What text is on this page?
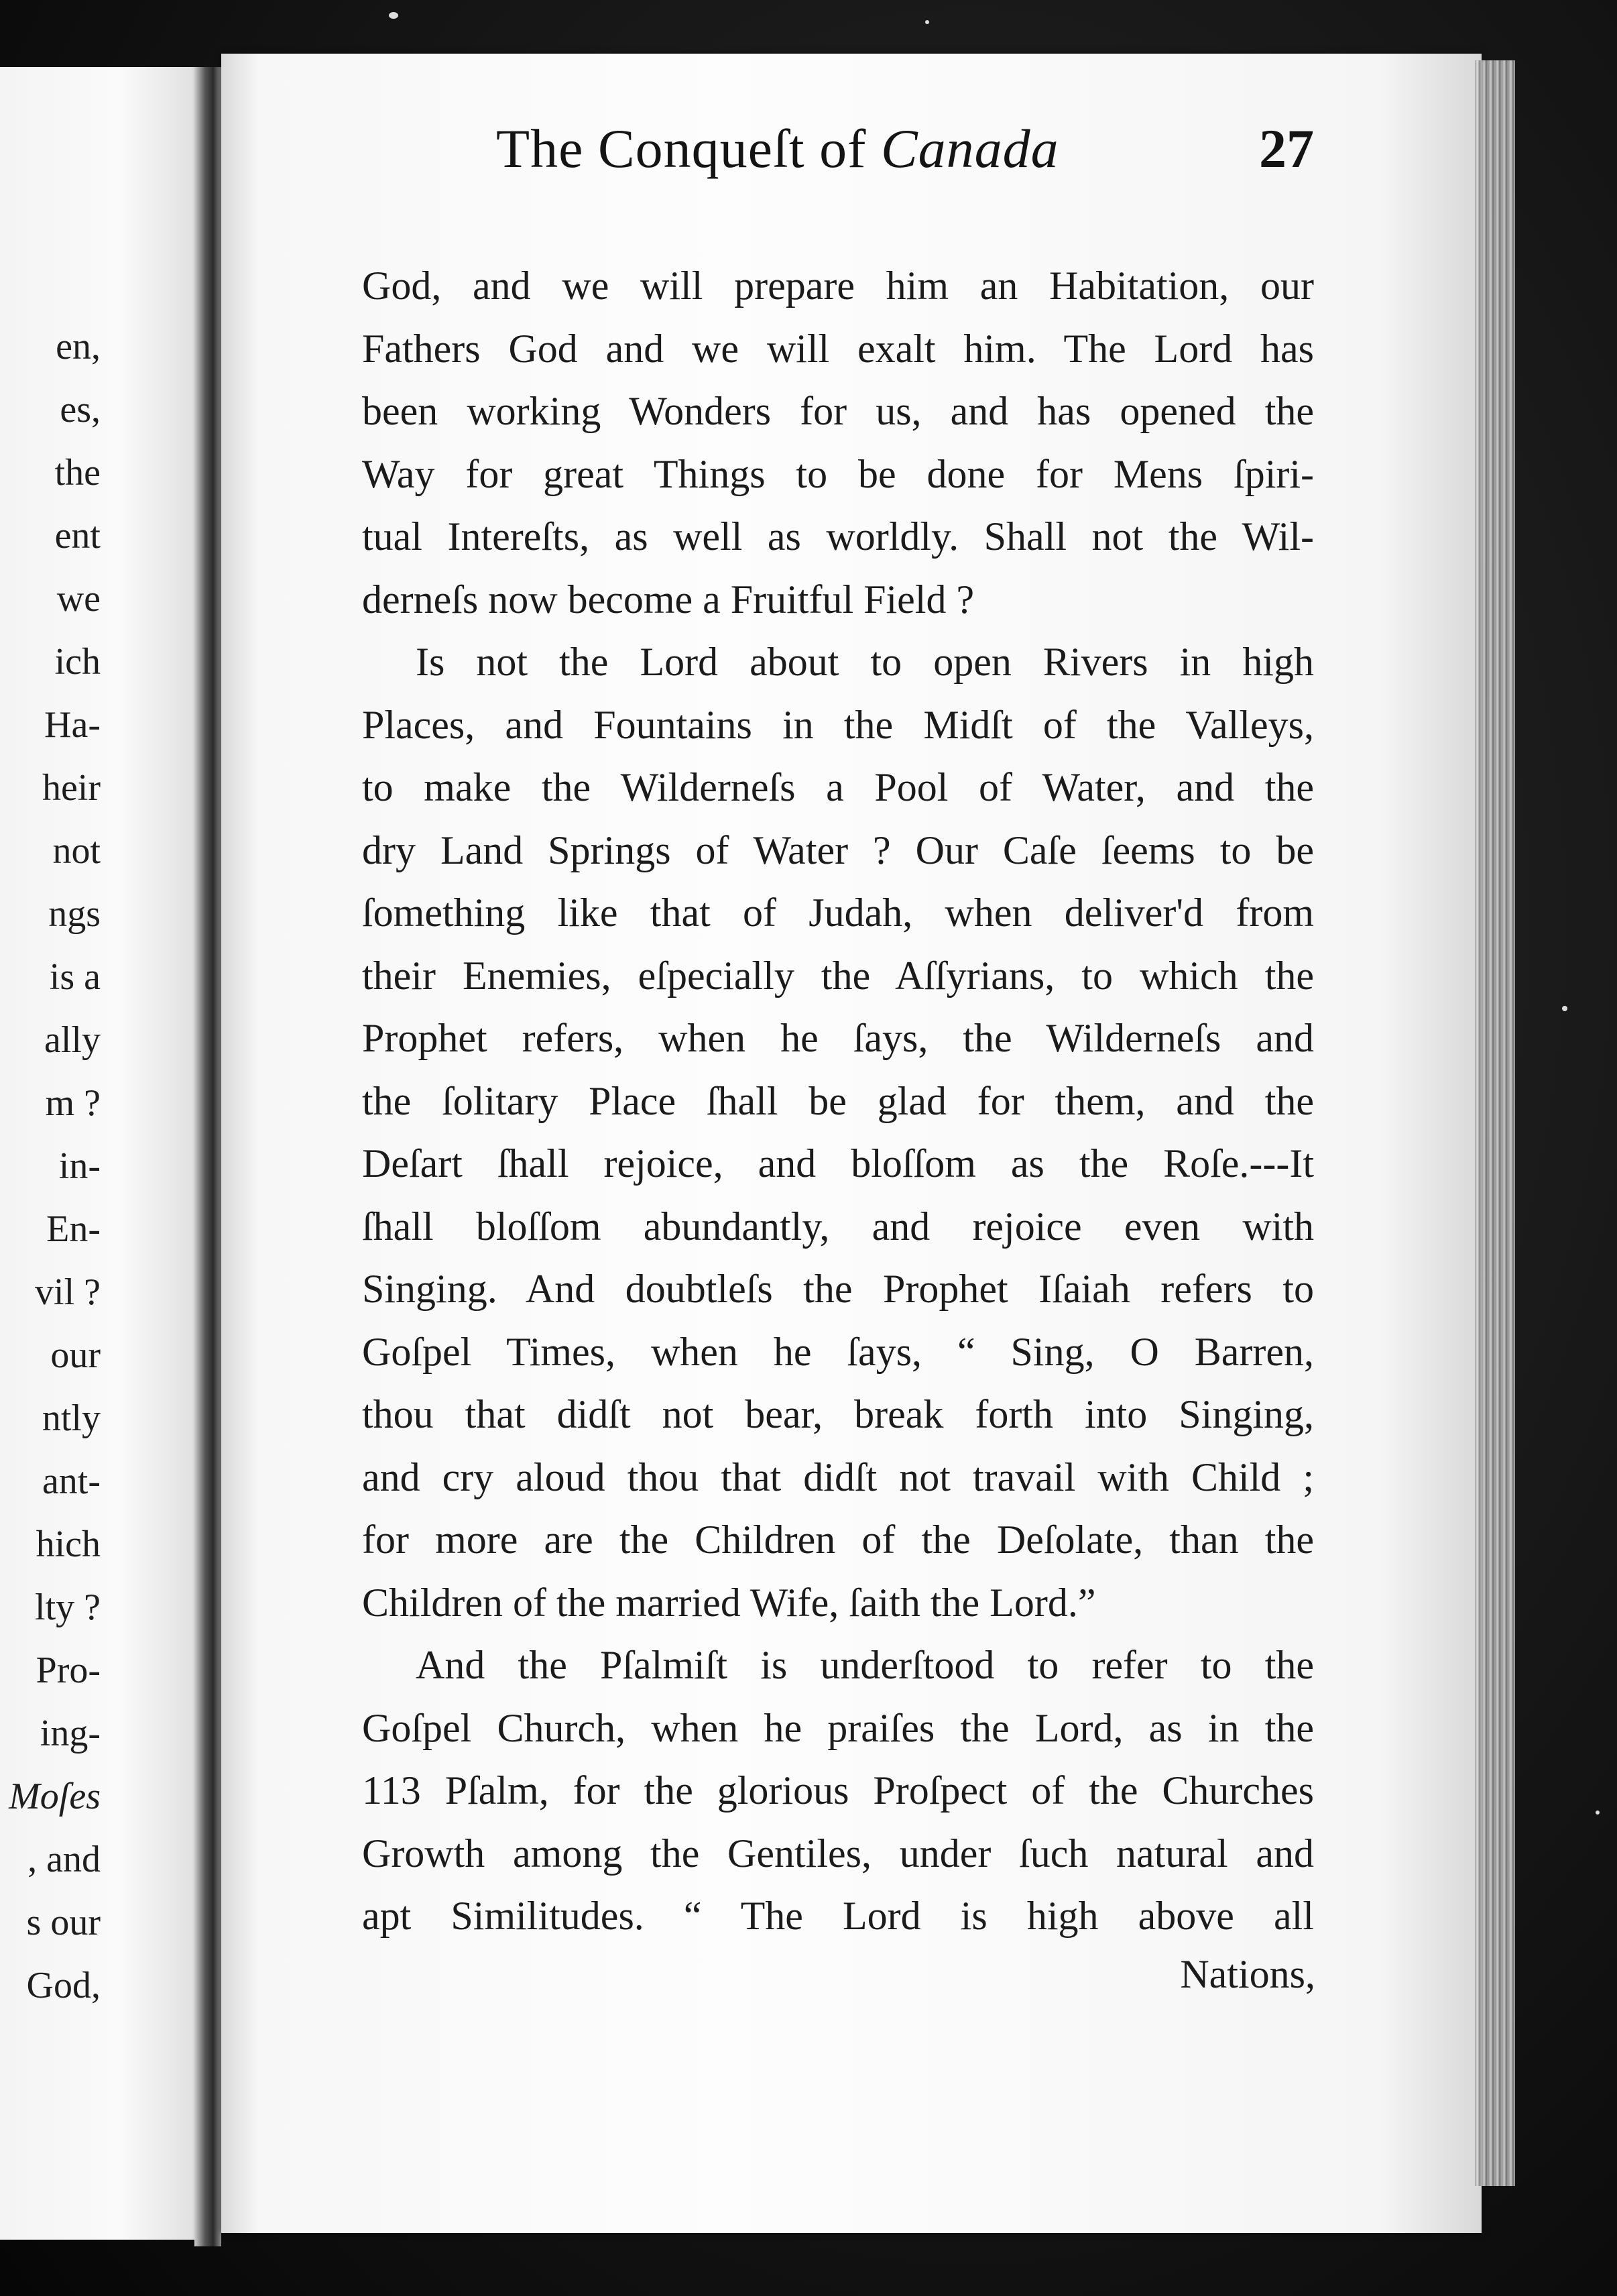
en,
es,
the
ent
we
ich
Ha-
heir
not
ngs
is a
ally
m ?
in-
En-
vil ?
our
ntly
ant-
hich
lty ?
Pro-
ing-
Moſes
, and
s our
God,
The Conqueſt of Canada	27
God, and we will prepare him an Habitation, our
Fathers God and we will exalt him. The Lord has
been working Wonders for us, and has opened the
Way for great Things to be done for Mens ſpiri-
tual Intereſts, as well as worldly. Shall not the Wil-
derneſs now become a Fruitful Field ?
Is not the Lord about to open Rivers in high
Places, and Fountains in the Midſt of the Valleys,
to make the Wilderneſs a Pool of Water, and the
dry Land Springs of Water ? Our Caſe ſeems to be
ſomething like that of Judah, when deliver'd from
their Enemies, eſpecially the Aſſyrians, to which the
Prophet refers, when he ſays, the Wilderneſs and
the ſolitary Place ſhall be glad for them, and the
Deſart ſhall rejoice, and bloſſom as the Roſe.---It
ſhall bloſſom abundantly, and rejoice even with
Singing. And doubtleſs the Prophet Iſaiah refers to
Goſpel Times, when he ſays, “ Sing, O Barren,
thou that didſt not bear, break forth into Singing,
and cry aloud thou that didſt not travail with Child ;
for more are the Children of the Deſolate, than the
Children of the married Wife, ſaith the Lord.”
And the Pſalmiſt is underſtood to refer to the
Goſpel Church, when he praiſes the Lord, as in the
113 Pſalm, for the glorious Proſpect of the Churches
Growth among the Gentiles, under ſuch natural and
apt Similitudes. “ The Lord is high above all
Nations,
